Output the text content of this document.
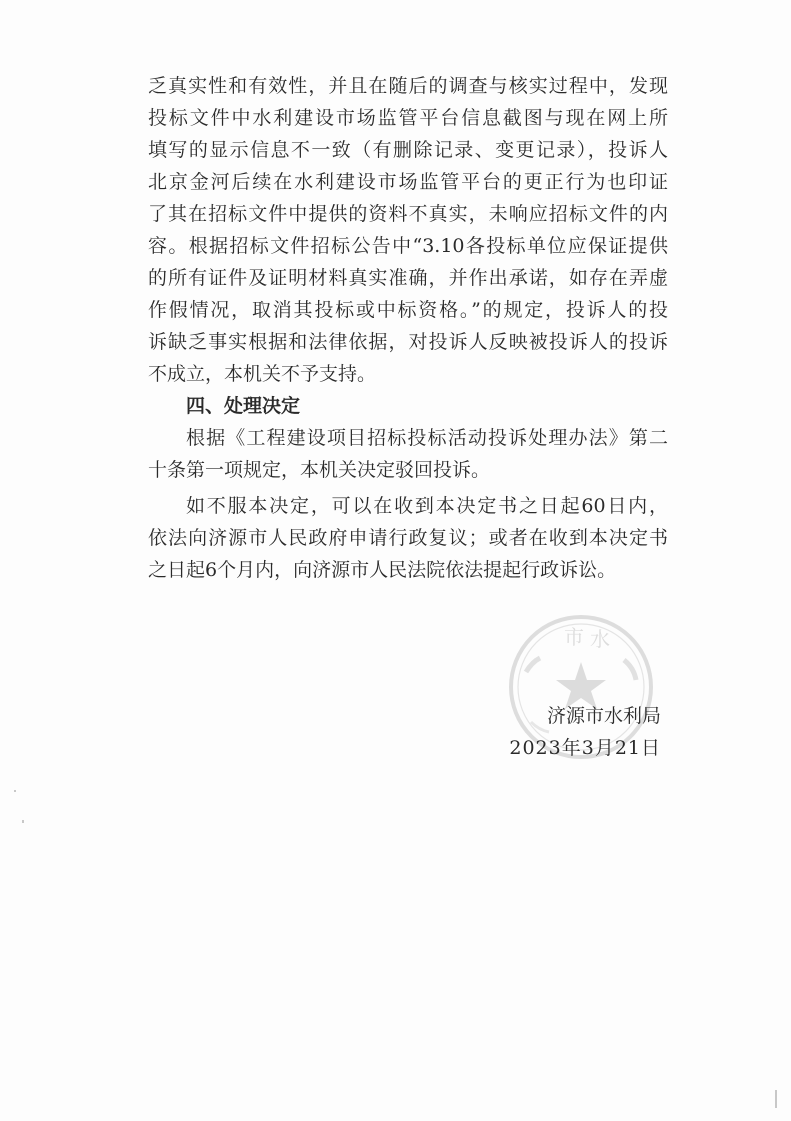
乏真实性和有效性，并且在随后的调查与核实过程中，发现
投标文件中水利建设市场监管平台信息截图与现在网上所
填写的显示信息不一致（有删除记录、变更记录），投诉人
北京金河后续在水利建设市场监管平台的更正行为也印证
了其在招标文件中提供的资料不真实，未响应招标文件的内
容。根据招标文件招标公告中“3.10各投标单位应保证提供
的所有证件及证明材料真实准确，并作出承诺，如存在弄虚
作假情况，取消其投标或中标资格。”的规定，投诉人的投
诉缺乏事实根据和法律依据，对投诉人反映被投诉人的投诉
不成立，本机关不予支持。
四、处理决定
根据《工程建设项目招标投标活动投诉处理办法》第二
十条第一项规定，本机关决定驳回投诉。
如不服本决定，可以在收到本决定书之日起60日内，
依法向济源市人民政府申请行政复议；或者在收到本决定书
之日起6个月内，向济源市人民法院依法提起行政诉讼。
市 水
济源市水利局
2023年3月21日
